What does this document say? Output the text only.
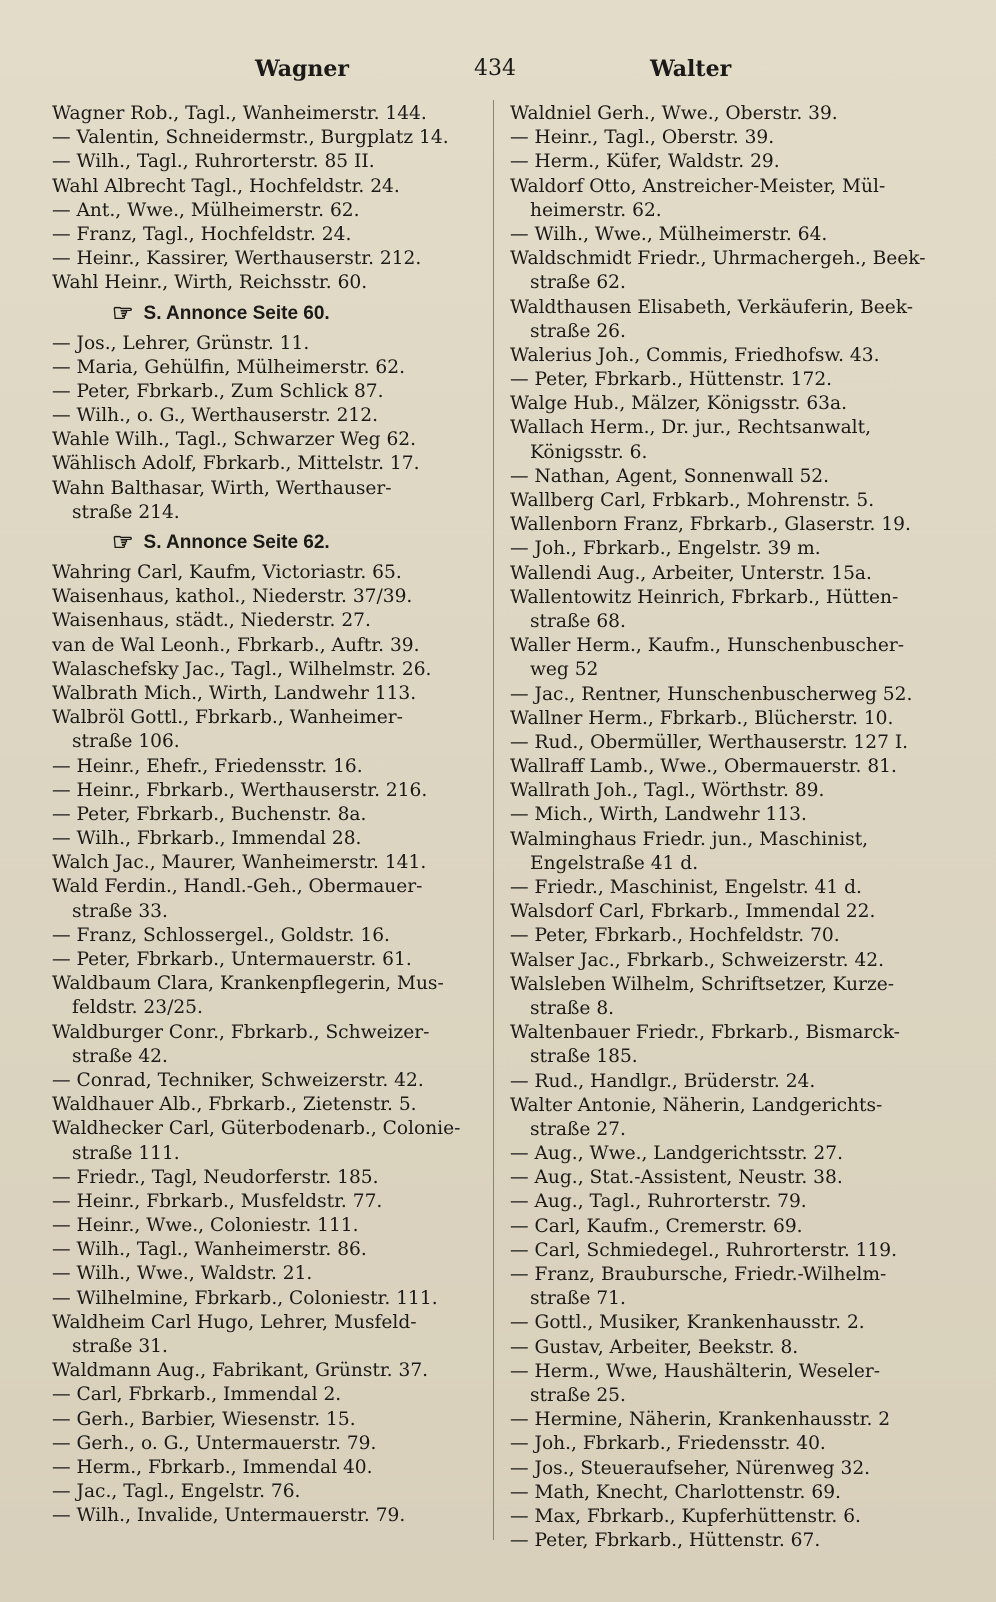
Wagner	434	Walter
Wagner Rob., Tagl., Wanheimerstr. 144.
— Valentin, Schneidermstr., Burgplatz 14.
— Wilh., Tagl., Ruhrorterstr. 85 II.
Wahl Albrecht Tagl., Hochfeldstr. 24.
— Ant., Wwe., Mülheimerstr. 62.
— Franz, Tagl., Hochfeldstr. 24.
— Heinr., Kassirer, Werthauserstr. 212.
Wahl Heinr., Wirth, Reichsstr. 60.
☞ S. Annonce Seite 60.
— Jos., Lehrer, Grünstr. 11.
— Maria, Gehülfin, Mülheimerstr. 62.
— Peter, Fbrkarb., Zum Schlick 87.
— Wilh., o. G., Werthauserstr. 212.
Wahle Wilh., Tagl., Schwarzer Weg 62.
Wählisch Adolf, Fbrkarb., Mittelstr. 17.
Wahn Balthasar, Wirth, Werthauser-
straße 214.
☞ S. Annonce Seite 62.
Wahring Carl, Kaufm, Victoriastr. 65.
Waisenhaus, kathol., Niederstr. 37/39.
Waisenhaus, städt., Niederstr. 27.
van de Wal Leonh., Fbrkarb., Auftr. 39.
Walaschefsky Jac., Tagl., Wilhelmstr. 26.
Walbrath Mich., Wirth, Landwehr 113.
Walbröl Gottl., Fbrkarb., Wanheimer-
straße 106.
— Heinr., Ehefr., Friedensstr. 16.
— Heinr., Fbrkarb., Werthauserstr. 216.
— Peter, Fbrkarb., Buchenstr. 8a.
— Wilh., Fbrkarb., Immendal 28.
Walch Jac., Maurer, Wanheimerstr. 141.
Wald Ferdin., Handl.-Geh., Obermauer-
straße 33.
— Franz, Schlossergel., Goldstr. 16.
— Peter, Fbrkarb., Untermauerstr. 61.
Waldbaum Clara, Krankenpflegerin, Mus-
feldstr. 23/25.
Waldburger Conr., Fbrkarb., Schweizer-
straße 42.
— Conrad, Techniker, Schweizerstr. 42.
Waldhauer Alb., Fbrkarb., Zietenstr. 5.
Waldhecker Carl, Güterbodenarb., Colonie-
straße 111.
— Friedr., Tagl, Neudorferstr. 185.
— Heinr., Fbrkarb., Musfeldstr. 77.
— Heinr., Wwe., Coloniestr. 111.
— Wilh., Tagl., Wanheimerstr. 86.
— Wilh., Wwe., Waldstr. 21.
— Wilhelmine, Fbrkarb., Coloniestr. 111.
Waldheim Carl Hugo, Lehrer, Musfeld-
straße 31.
Waldmann Aug., Fabrikant, Grünstr. 37.
— Carl, Fbrkarb., Immendal 2.
— Gerh., Barbier, Wiesenstr. 15.
— Gerh., o. G., Untermauerstr. 79.
— Herm., Fbrkarb., Immendal 40.
— Jac., Tagl., Engelstr. 76.
— Wilh., Invalide, Untermauerstr. 79.
Waldniel Gerh., Wwe., Oberstr. 39.
— Heinr., Tagl., Oberstr. 39.
— Herm., Küfer, Waldstr. 29.
Waldorf Otto, Anstreicher-Meister, Mül-
heimerstr. 62.
— Wilh., Wwe., Mülheimerstr. 64.
Waldschmidt Friedr., Uhrmachergeh., Beek-
straße 62.
Waldthausen Elisabeth, Verkäuferin, Beek-
straße 26.
Walerius Joh., Commis, Friedhofsw. 43.
— Peter, Fbrkarb., Hüttenstr. 172.
Walge Hub., Mälzer, Königsstr. 63a.
Wallach Herm., Dr. jur., Rechtsanwalt,
Königsstr. 6.
— Nathan, Agent, Sonnenwall 52.
Wallberg Carl, Frbkarb., Mohrenstr. 5.
Wallenborn Franz, Fbrkarb., Glaserstr. 19.
— Joh., Fbrkarb., Engelstr. 39 m.
Wallendi Aug., Arbeiter, Unterstr. 15a.
Wallentowitz Heinrich, Fbrkarb., Hütten-
straße 68.
Waller Herm., Kaufm., Hunschenbuscher-
weg 52
— Jac., Rentner, Hunschenbuscherweg 52.
Wallner Herm., Fbrkarb., Blücherstr. 10.
— Rud., Obermüller, Werthauserstr. 127 I.
Wallraff Lamb., Wwe., Obermauerstr. 81.
Wallrath Joh., Tagl., Wörthstr. 89.
— Mich., Wirth, Landwehr 113.
Walminghaus Friedr. jun., Maschinist,
Engelstraße 41 d.
— Friedr., Maschinist, Engelstr. 41 d.
Walsdorf Carl, Fbrkarb., Immendal 22.
— Peter, Fbrkarb., Hochfeldstr. 70.
Walser Jac., Fbrkarb., Schweizerstr. 42.
Walsleben Wilhelm, Schriftsetzer, Kurze-
straße 8.
Waltenbauer Friedr., Fbrkarb., Bismarck-
straße 185.
— Rud., Handlgr., Brüderstr. 24.
Walter Antonie, Näherin, Landgerichts-
straße 27.
— Aug., Wwe., Landgerichtsstr. 27.
— Aug., Stat.-Assistent, Neustr. 38.
— Aug., Tagl., Ruhrorterstr. 79.
— Carl, Kaufm., Cremerstr. 69.
— Carl, Schmiedegel., Ruhrorterstr. 119.
— Franz, Braubursche, Friedr.-Wilhelm-
straße 71.
— Gottl., Musiker, Krankenhausstr. 2.
— Gustav, Arbeiter, Beekstr. 8.
— Herm., Wwe, Haushälterin, Weseler-
straße 25.
— Hermine, Näherin, Krankenhausstr. 2
— Joh., Fbrkarb., Friedensstr. 40.
— Jos., Steueraufseher, Nürenweg 32.
— Math, Knecht, Charlottenstr. 69.
— Max, Fbrkarb., Kupferhüttenstr. 6.
— Peter, Fbrkarb., Hüttenstr. 67.
